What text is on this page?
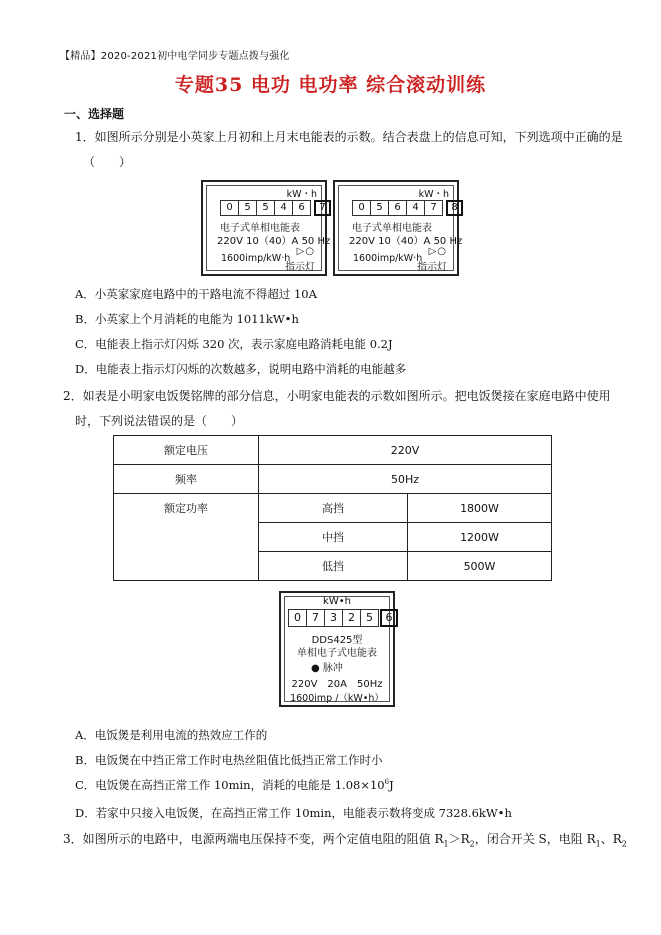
【精品】2020-2021初中电学同步专题点拨与强化
专题35 电功 电功率 综合滚动训练
一、选择题
1．如图所示分别是小英家上月初和上月末电能表的示数。结合表盘上的信息可知，下列选项中正确的是
（　　）
kW・h
0	5	5	4	6	7
电子式单相电能表
220V 10（40）A 50 Hz
1600imp/kW·h
▷○
指示灯
kW・h
0	5	6	4	7	8
电子式单相电能表
220V 10（40）A 50 Hz
1600imp/kW·h
▷○
指示灯
A．小英家家庭电路中的干路电流不得超过 10A
B．小英家上个月消耗的电能为 1011kW•h
C．电能表上指示灯闪烁 320 次，表示家庭电路消耗电能 0.2J
D．电能表上指示灯闪烁的次数越多，说明电路中消耗的电能越多
2．如表是小明家电饭煲铭牌的部分信息，小明家电能表的示数如图所示。把电饭煲接在家庭电路中使用
时，下列说法错误的是（　　）
额定电压	220V	
频率	50Hz	
额定功率	高挡	1800W
	中挡	1200W
	低挡	500W
kW•h
0	7	3	2	5	6
DDS425型
单相电子式电能表
● 脉冲
220V　20A　50Hz
1600imp /（kW•h）
A．电饭煲是利用电流的热效应工作的
B．电饭煲在中挡正常工作时电热丝阻值比低挡正常工作时小
C．电饭煲在高挡正常工作 10min，消耗的电能是 $1.08\times 10^6J$
D．若家中只接入电饭煲，在高挡正常工作 10min，电能表示数将变成 7328.6kW•h
3．如图所示的电路中，电源两端电压保持不变，两个定值电阻的阻值 $R_1>R_2$，闭合开关 S，电阻 $R_1$、$R_2$
